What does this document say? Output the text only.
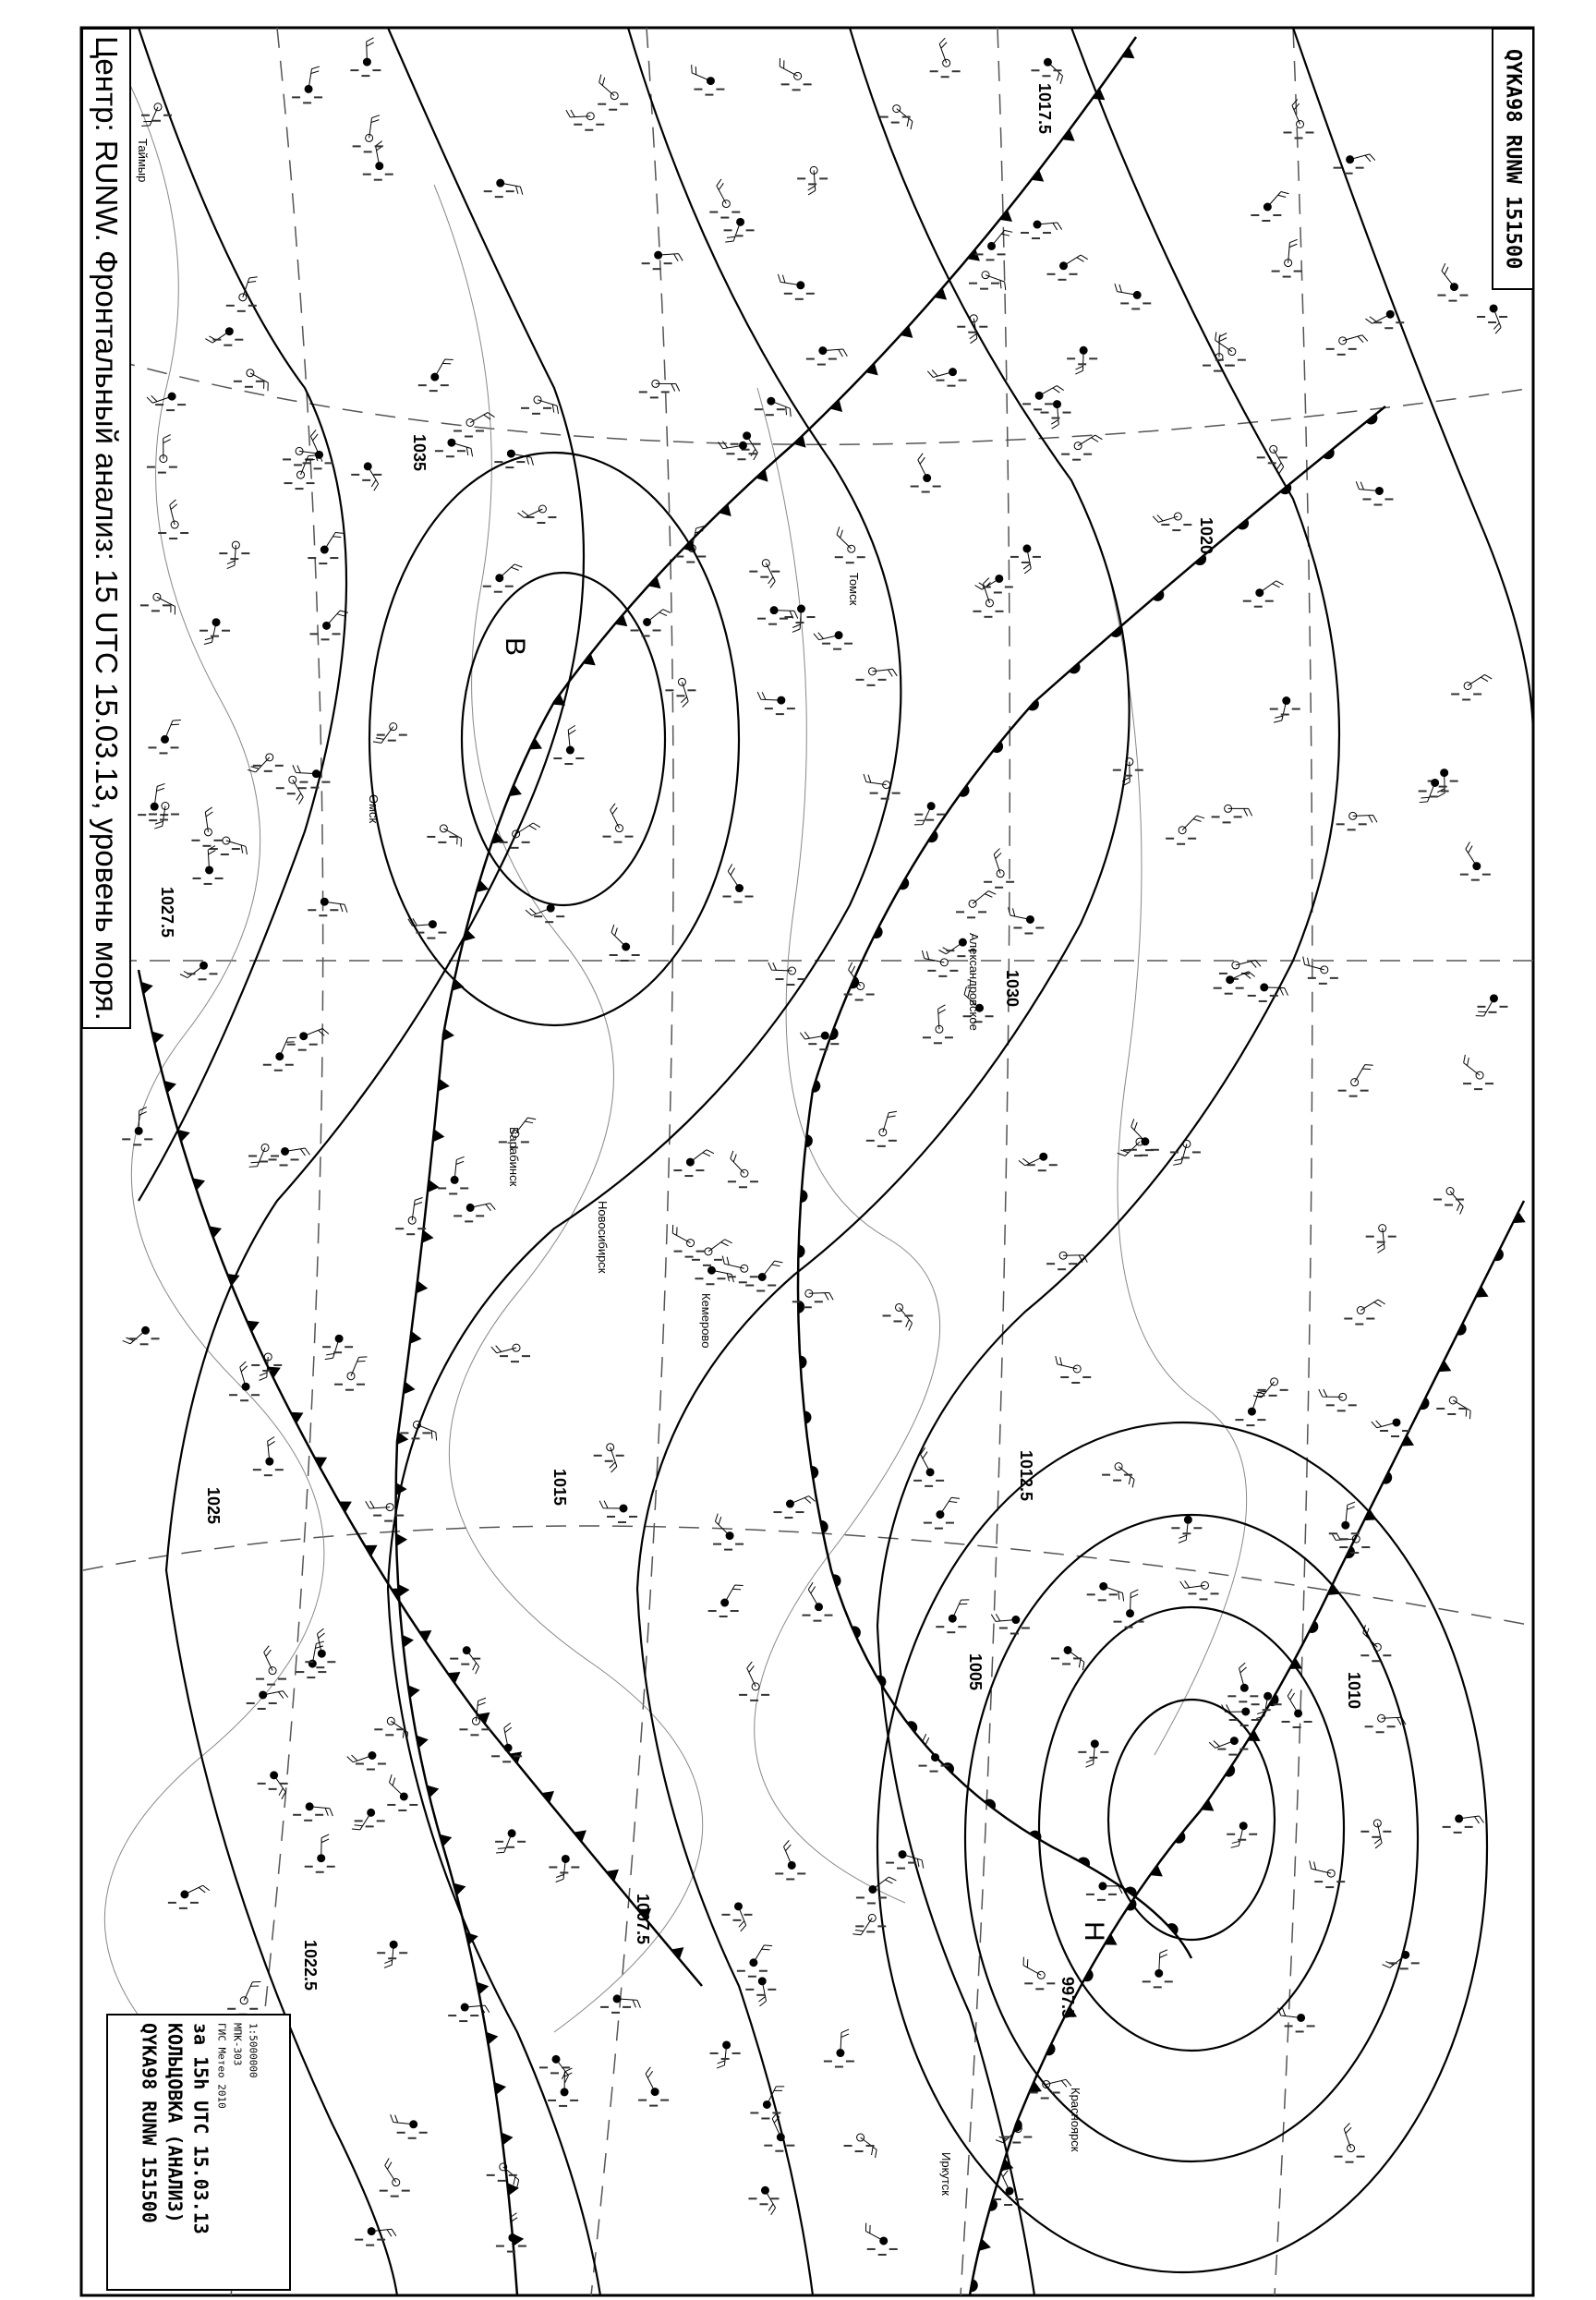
В
Н
1035
1030
1027.5
1025
1022.5
1020
1017.5
1015	1012.5
1010
1007.5
1005
997.5
Таймыр
Новосибирск
Томск
Иркутск
Красноярск
Омск
Кемерово
Александровское
Барабинск
Центр: RUNW. Фронтальный анализ: 15 UTC 15.03.13, уровень моря.	QYKA98 RUNW 151500
QYKA98 RUNW 151500 КОЛЬЦОВКА (АНАЛИЗ) за 15h UTC 15.03.13 ГИС Метео 2010 МПК-303 1:5000000
